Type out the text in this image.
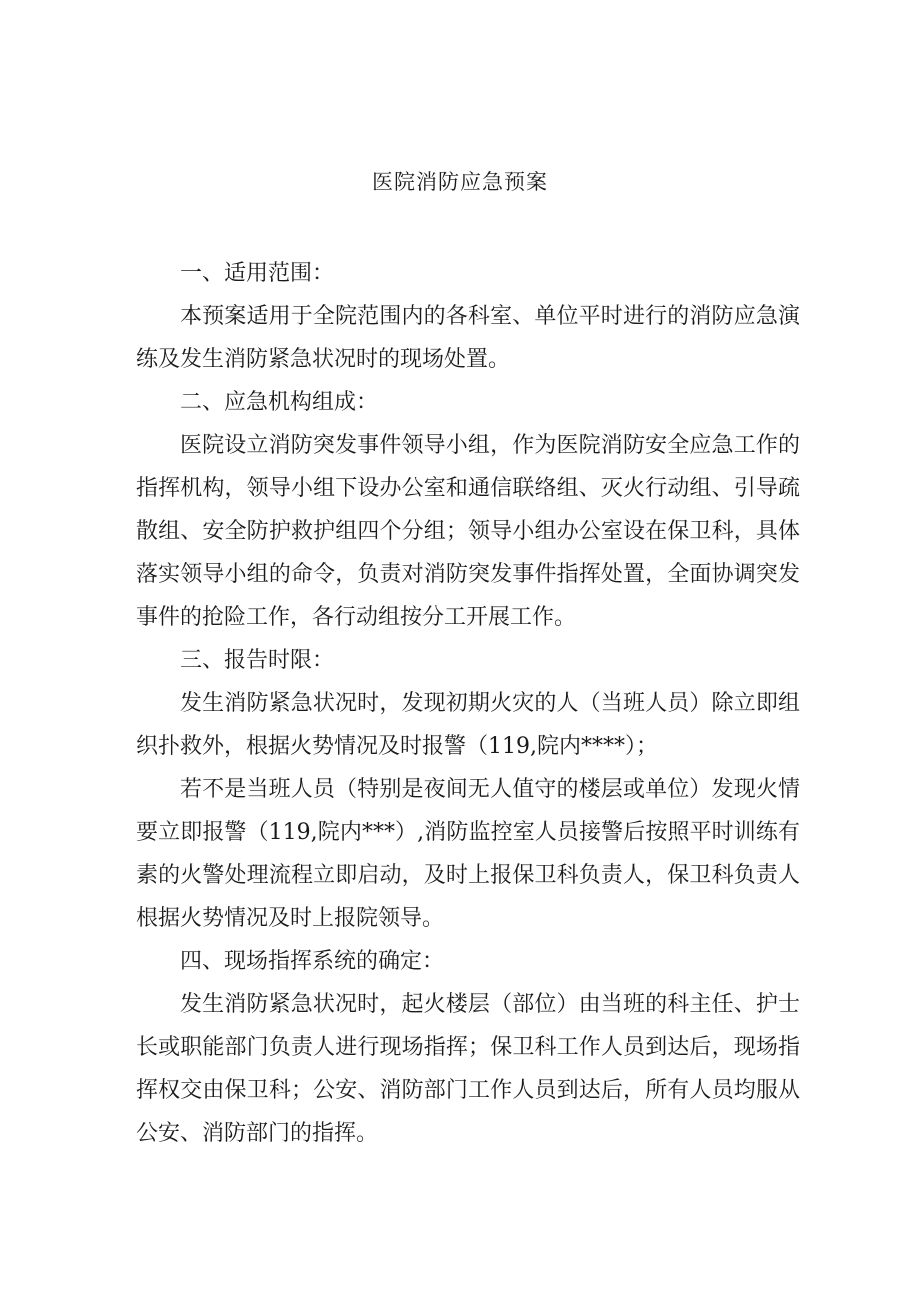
医院消防应急预案

一、适用范围：

本预案适用于全院范围内的各科室、单位平时进行的消防应急演练及发生消防紧急状况时的现场处置。

二、应急机构组成：

医院设立消防突发事件领导小组，作为医院消防安全应急工作的指挥机构，领导小组下设办公室和通信联络组、灭火行动组、引导疏散组、安全防护救护组四个分组；领导小组办公室设在保卫科，具体落实领导小组的命令，负责对消防突发事件指挥处置，全面协调突发事件的抢险工作，各行动组按分工开展工作。

三、报告时限：

发生消防紧急状况时，发现初期火灾的人（当班人员）除立即组织扑救外，根据火势情况及时报警（119,院内****）；

若不是当班人员（特别是夜间无人值守的楼层或单位）发现火情要立即报警（119,院内***）,消防监控室人员接警后按照平时训练有素的火警处理流程立即启动，及时上报保卫科负责人，保卫科负责人根据火势情况及时上报院领导。

四、现场指挥系统的确定：

发生消防紧急状况时，起火楼层（部位）由当班的科主任、护士长或职能部门负责人进行现场指挥；保卫科工作人员到达后，现场指挥权交由保卫科；公安、消防部门工作人员到达后，所有人员均服从公安、消防部门的指挥。
